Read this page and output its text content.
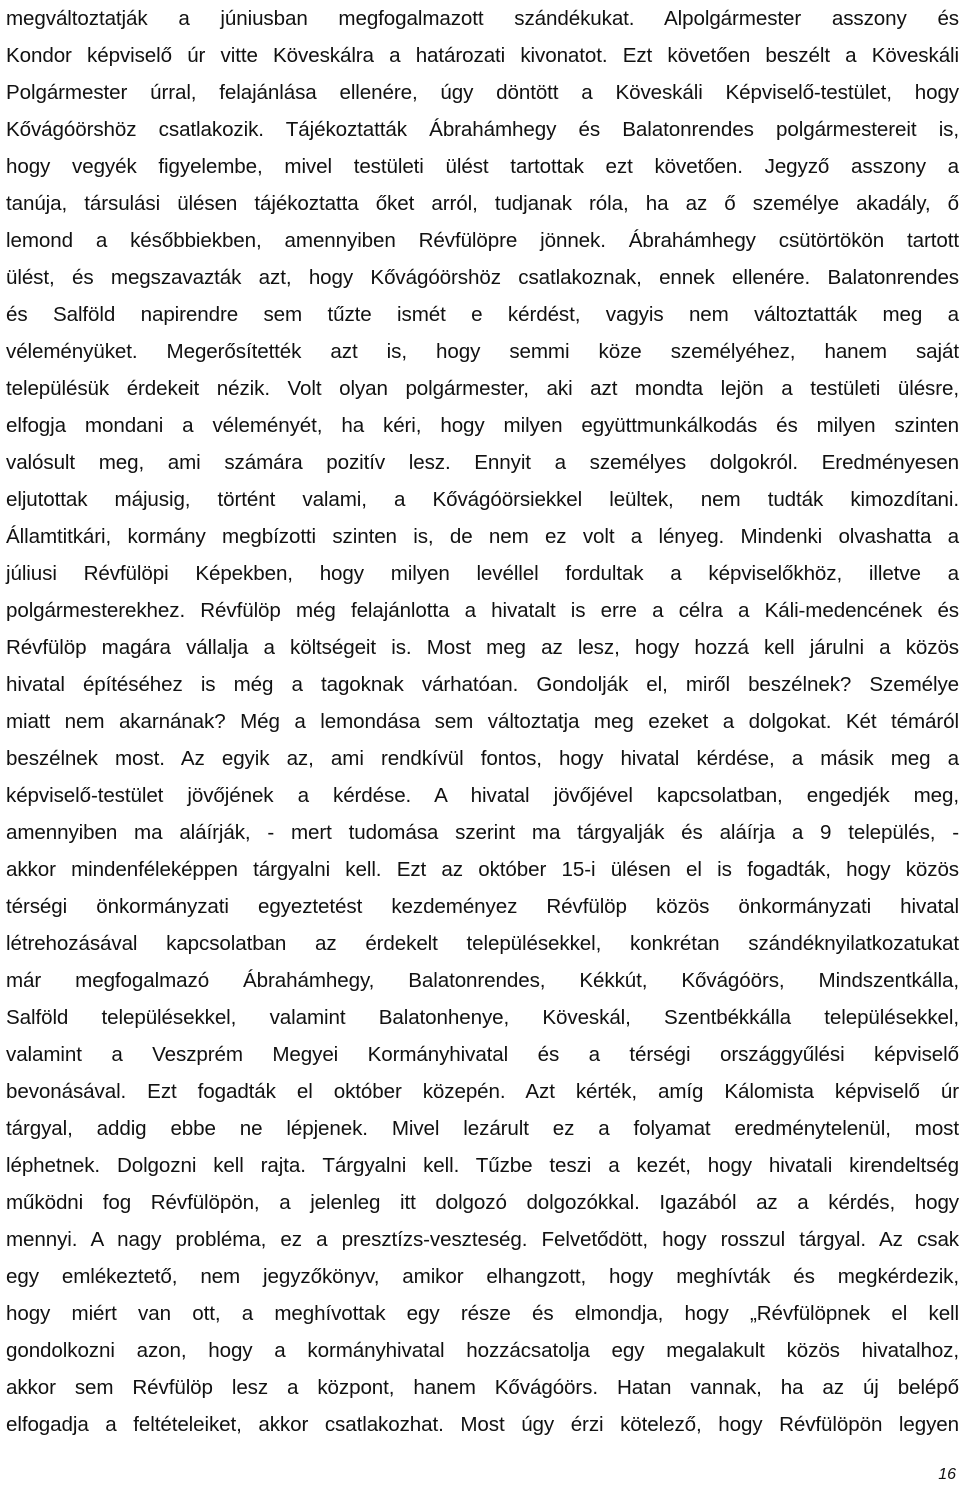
megváltoztatják a júniusban megfogalmazott szándékukat. Alpolgármester asszony és
Kondor képviselő úr vitte Köveskálra a határozati kivonatot. Ezt követően beszélt a Köveskáli
Polgármester úrral, felajánlása ellenére, úgy döntött a Köveskáli Képviselő-testület, hogy
Kővágóörshöz csatlakozik. Tájékoztatták Ábrahámhegy és Balatonrendes polgármestereit is,
hogy vegyék figyelembe, mivel testületi ülést tartottak ezt követően. Jegyző asszony a
tanúja, társulási ülésen tájékoztatta őket arról, tudjanak róla, ha az ő személye akadály, ő
lemond a későbbiekben, amennyiben Révfülöpre jönnek. Ábrahámhegy csütörtökön tartott
ülést, és megszavazták azt, hogy Kővágóörshöz csatlakoznak, ennek ellenére. Balatonrendes
és Salföld napirendre sem tűzte ismét e kérdést, vagyis nem változtatták meg a
véleményüket. Megerősítették azt is, hogy semmi köze személyéhez, hanem saját
településük érdekeit nézik. Volt olyan polgármester, aki azt mondta lejön a testületi ülésre,
elfogja mondani a véleményét, ha kéri, hogy milyen együttmunkálkodás és milyen szinten
valósult meg, ami számára pozitív lesz. Ennyit a személyes dolgokról. Eredményesen
eljutottak májusig, történt valami, a Kővágóörsiekkel leültek, nem tudták kimozdítani.
Államtitkári, kormány megbízotti szinten is, de nem ez volt a lényeg. Mindenki olvashatta a
júliusi Révfülöpi Képekben, hogy milyen levéllel fordultak a képviselőkhöz, illetve a
polgármesterekhez. Révfülöp még felajánlotta a hivatalt is erre a célra a Káli-medencének és
Révfülöp magára vállalja a költségeit is. Most meg az lesz, hogy hozzá kell járulni a közös
hivatal építéséhez is még a tagoknak várhatóan. Gondolják el, miről beszélnek? Személye
miatt nem akarnának? Még a lemondása sem változtatja meg ezeket a dolgokat. Két témáról
beszélnek most. Az egyik az, ami rendkívül fontos, hogy hivatal kérdése, a másik meg a
képviselő-testület jövőjének a kérdése. A hivatal jövőjével kapcsolatban, engedjék meg,
amennyiben ma aláírják, - mert tudomása szerint ma tárgyalják és aláírja a 9 település, -
akkor mindenféleképpen tárgyalni kell. Ezt az október 15-i ülésen el is fogadták, hogy közös
térségi önkormányzati egyeztetést kezdeményez Révfülöp közös önkormányzati hivatal
létrehozásával kapcsolatban az érdekelt településekkel, konkrétan szándéknyilatkozatukat
már megfogalmazó Ábrahámhegy, Balatonrendes, Kékkút, Kővágóörs, Mindszentkálla,
Salföld településekkel, valamint Balatonhenye, Köveskál, Szentbékkálla településekkel,
valamint a Veszprém Megyei Kormányhivatal és a térségi országgyűlési képviselő
bevonásával. Ezt fogadták el október közepén. Azt kérték, amíg Kálomista képviselő úr
tárgyal, addig ebbe ne lépjenek. Mivel lezárult ez a folyamat eredménytelenül, most
léphetnek. Dolgozni kell rajta. Tárgyalni kell. Tűzbe teszi a kezét, hogy hivatali kirendeltség
működni fog Révfülöpön, a jelenleg itt dolgozó dolgozókkal. Igazából az a kérdés, hogy
mennyi. A nagy probléma, ez a presztízs-veszteség. Felvetődött, hogy rosszul tárgyal. Az csak
egy emlékeztető, nem jegyzőkönyv, amikor elhangzott, hogy meghívták és megkérdezik,
hogy miért van ott, a meghívottak egy része és elmondja, hogy „Révfülöpnek el kell
gondolkozni azon, hogy a kormányhivatal hozzácsatolja egy megalakult közös hivatalhoz,
akkor sem Révfülöp lesz a központ, hanem Kővágóörs. Hatan vannak, ha az új belépő
elfogadja a feltételeiket, akkor csatlakozhat. Most úgy érzi kötelező, hogy Révfülöpön legyen
16
